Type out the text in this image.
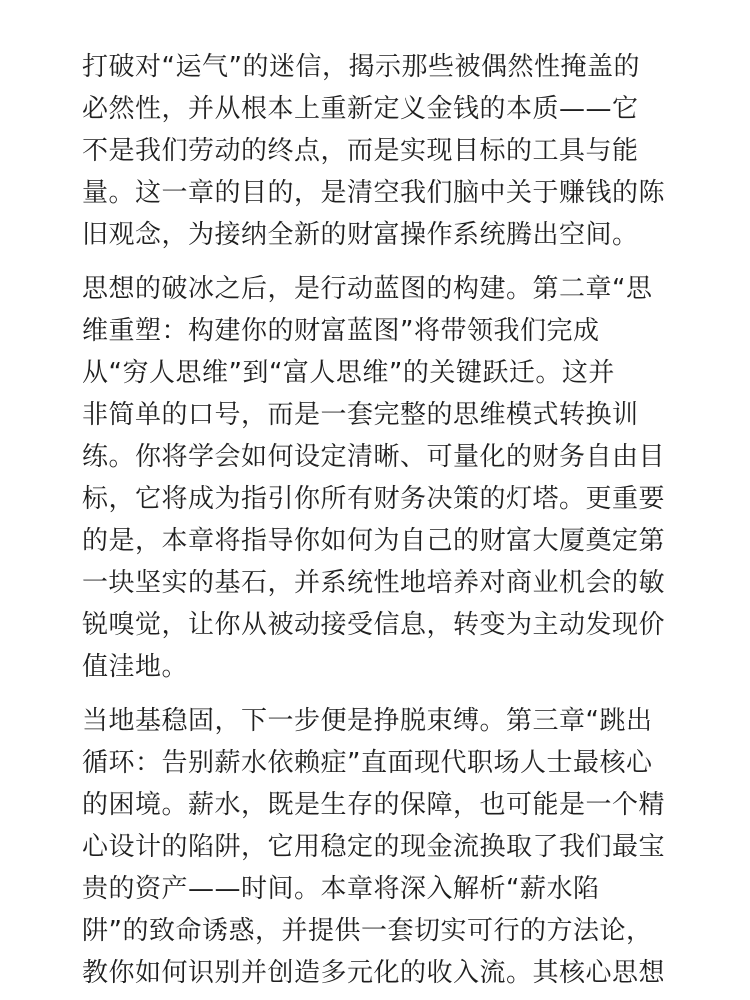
打破对“运气”的迷信，揭示那些被偶然性掩盖的
必然性，并从根本上重新定义金钱的本质——它
不是我们劳动的终点，而是实现目标的工具与能
量。这一章的目的，是清空我们脑中关于赚钱的陈
旧观念，为接纳全新的财富操作系统腾出空间。

思想的破冰之后，是行动蓝图的构建。第二章“思
维重塑：构建你的财富蓝图”将带领我们完成
从“穷人思维”到“富人思维”的关键跃迁。这并
非简单的口号，而是一套完整的思维模式转换训
练。你将学会如何设定清晰、可量化的财务自由目
标，它将成为指引你所有财务决策的灯塔。更重要
的是，本章将指导你如何为自己的财富大厦奠定第
一块坚实的基石，并系统性地培养对商业机会的敏
锐嗅觉，让你从被动接受信息，转变为主动发现价
值洼地。

当地基稳固，下一步便是挣脱束缚。第三章“跳出
循环：告别薪水依赖症”直面现代职场人士最核心
的困境。薪水，既是生存的保障，也可能是一个精
心设计的陷阱，它用稳定的现金流换取了我们最宝
贵的资产——时间。本章将深入解析“薪水陷
阱”的致命诱惑，并提供一套切实可行的方法论，
教你如何识别并创造多元化的收入流。其核心思想
